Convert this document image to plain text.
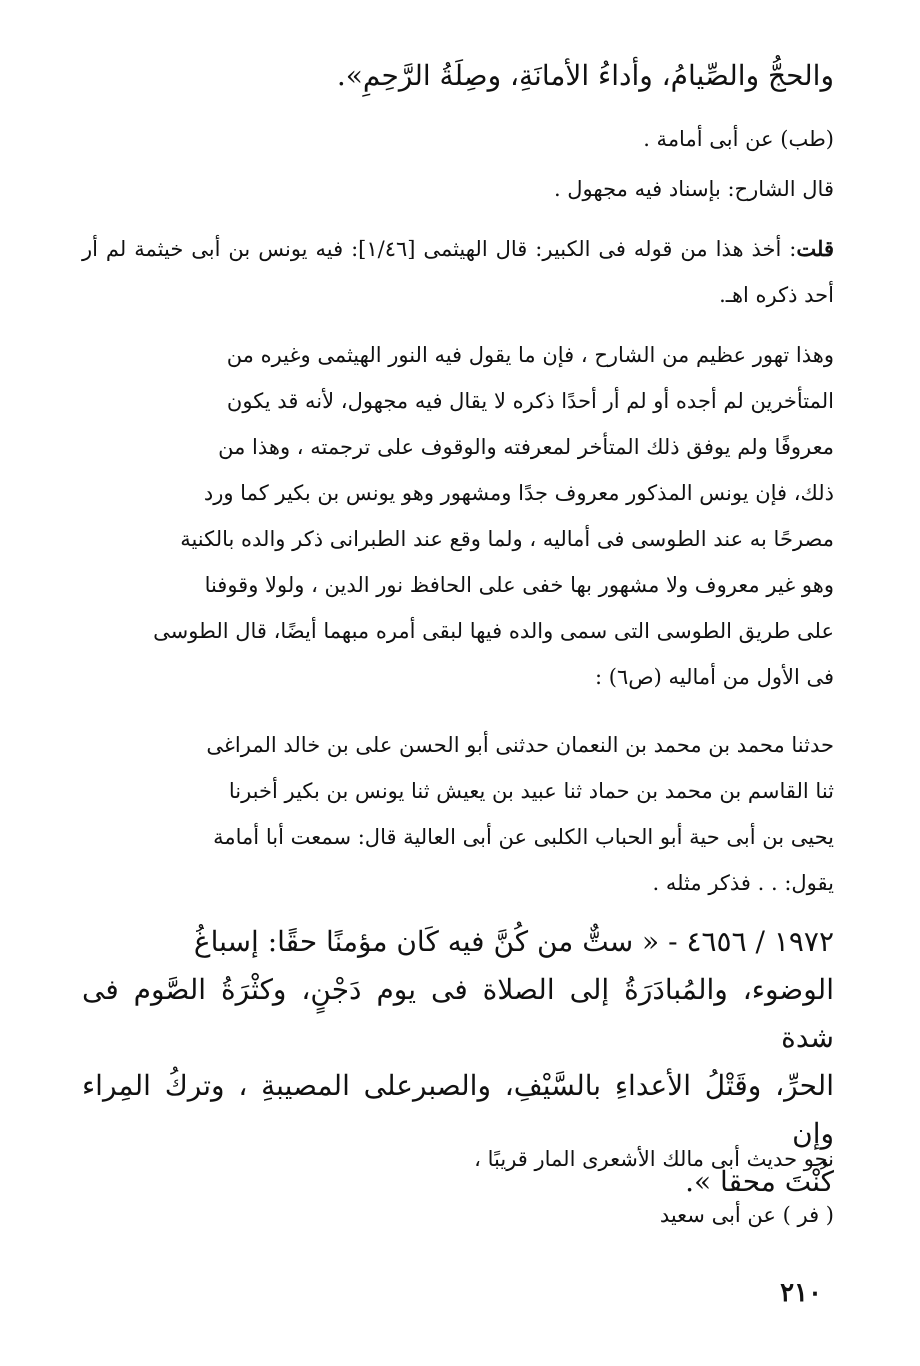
والحجُّ والصِّيامُ، وأداءُ الأمانَةِ، وصِلَةُ الرَّحِمِ».

(طب) عن أبى أمامة .

قال الشارح: بإسناد فيه مجهول .

قلت: أخذ هذا من قوله فى الكبير: قال الهيثمى [١/٤٦]: فيه يونس بن أبى خيثمة لم أر أحد ذكره اهـ.

وهذا تهور عظيم من الشارح ، فإن ما يقول فيه النور الهيثمى وغيره من
المتأخرين لم أجده أو لم أر أحدًا ذكره لا يقال فيه مجهول، لأنه قد يكون
معروفًا ولم يوفق ذلك المتأخر لمعرفته والوقوف على ترجمته ، وهذا من
ذلك، فإن يونس المذكور معروف جدًا ومشهور وهو يونس بن بكير كما ورد
مصرحًا به عند الطوسى فى أماليه ، ولما وقع عند الطبرانى ذكر والده بالكنية
وهو غير معروف ولا مشهور بها خفى على الحافظ نور الدين ، ولولا وقوفنا
على طريق الطوسى التى سمى والده فيها لبقى أمره مبهما أيضًا، قال الطوسى
فى الأول من أماليه (ص٦) :
حدثنا محمد بن محمد بن النعمان حدثنى أبو الحسن على بن خالد المراغى
ثنا القاسم بن محمد بن حماد ثنا عبيد بن يعيش ثنا يونس بن بكير أخبرنا
يحيى بن أبى حية أبو الحباب الكلبى عن أبى العالية قال: سمعت أبا أمامة
يقول: . . فذكر مثله .
١٩٧٢ / ٤٦٥٦ - « ستٌّ من كُنَّ فيه كَان مؤمنًا حقًا: إسباغُ
الوضوء، والمُبادَرَةُ إلى الصلاة فى يوم دَجْنٍ، وكثْرَةُ الصَّوم فى شدة
الحرِّ، وقَتْلُ الأعداءِ بالسَّيْفِ، والصبرعلى المصيبةِ ، وتركُ المِراء وإن
كُنْتَ محقا ».

نحو حديث أبى مالك الأشعرى المار قريبًا ،

( فر ) عن أبى سعيد

٢١٠
